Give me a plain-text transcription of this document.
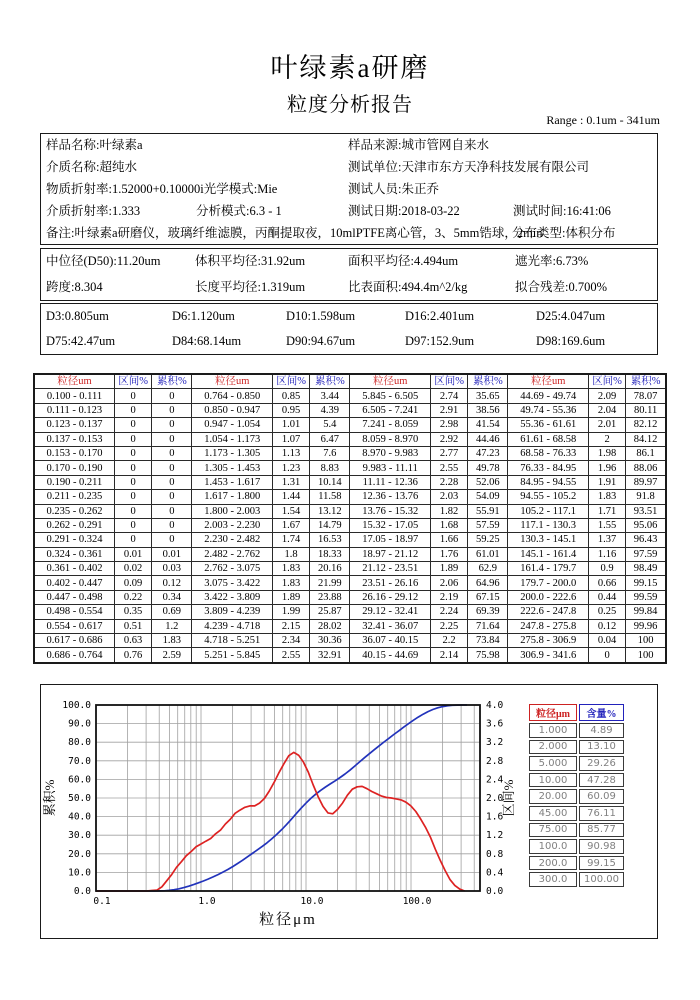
叶绿素a研磨
粒度分析报告
Range : 0.1um - 341um
样品名称:叶绿素a	样品来源:城市管网自来水
介质名称:超纯水	测试单位:天津市东方天净科技发展有限公司
物质折射率:1.52000+0.10000i光学模式:Mie	测试人员:朱正乔
介质折射率:1.333	分析模式:6.3 - 1	测试日期:2018-03-22	测试时间:16:41:06
备注:叶绿素a研磨仪，玻璃纤维滤膜，丙酮提取夜，10mlPTFE离心管，3、5mm锆球，2min
分布类型:体积分布
中位径(D50):11.20um	体积平均径:31.92um	面积平均径:4.494um	遮光率:6.73%
跨度:8.304	长度平均径:1.319um	比表面积:494.4m^2/kg	拟合残差:0.700%
D3:0.805um	D6:1.120um	D10:1.598um	D16:2.401um	D25:4.047um
D75:42.47um	D84:68.14um	D90:94.67um	D97:152.9um	D98:169.6um
粒径um	区间%	累积%	粒径um	区间%	累积%	粒径um	区间%	累积%	粒径um	区间%	累积%
0.100 - 0.111	0	0	0.764 - 0.850	0.85	3.44	5.845 - 6.505	2.74	35.65	44.69 - 49.74	2.09	78.07
0.111 - 0.123	0	0	0.850 - 0.947	0.95	4.39	6.505 - 7.241	2.91	38.56	49.74 - 55.36	2.04	80.11
0.123 - 0.137	0	0	0.947 - 1.054	1.01	5.4	7.241 - 8.059	2.98	41.54	55.36 - 61.61	2.01	82.12
0.137 - 0.153	0	0	1.054 - 1.173	1.07	6.47	8.059 - 8.970	2.92	44.46	61.61 - 68.58	2	84.12
0.153 - 0.170	0	0	1.173 - 1.305	1.13	7.6	8.970 - 9.983	2.77	47.23	68.58 - 76.33	1.98	86.1
0.170 - 0.190	0	0	1.305 - 1.453	1.23	8.83	9.983 - 11.11	2.55	49.78	76.33 - 84.95	1.96	88.06
0.190 - 0.211	0	0	1.453 - 1.617	1.31	10.14	11.11 - 12.36	2.28	52.06	84.95 - 94.55	1.91	89.97
0.211 - 0.235	0	0	1.617 - 1.800	1.44	11.58	12.36 - 13.76	2.03	54.09	94.55 - 105.2	1.83	91.8
0.235 - 0.262	0	0	1.800 - 2.003	1.54	13.12	13.76 - 15.32	1.82	55.91	105.2 - 117.1	1.71	93.51
0.262 - 0.291	0	0	2.003 - 2.230	1.67	14.79	15.32 - 17.05	1.68	57.59	117.1 - 130.3	1.55	95.06
0.291 - 0.324	0	0	2.230 - 2.482	1.74	16.53	17.05 - 18.97	1.66	59.25	130.3 - 145.1	1.37	96.43
0.324 - 0.361	0.01	0.01	2.482 - 2.762	1.8	18.33	18.97 - 21.12	1.76	61.01	145.1 - 161.4	1.16	97.59
0.361 - 0.402	0.02	0.03	2.762 - 3.075	1.83	20.16	21.12 - 23.51	1.89	62.9	161.4 - 179.7	0.9	98.49
0.402 - 0.447	0.09	0.12	3.075 - 3.422	1.83	21.99	23.51 - 26.16	2.06	64.96	179.7 - 200.0	0.66	99.15
0.447 - 0.498	0.22	0.34	3.422 - 3.809	1.89	23.88	26.16 - 29.12	2.19	67.15	200.0 - 222.6	0.44	99.59
0.498 - 0.554	0.35	0.69	3.809 - 4.239	1.99	25.87	29.12 - 32.41	2.24	69.39	222.6 - 247.8	0.25	99.84
0.554 - 0.617	0.51	1.2	4.239 - 4.718	2.15	28.02	32.41 - 36.07	2.25	71.64	247.8 - 275.8	0.12	99.96
0.617 - 0.686	0.63	1.83	4.718 - 5.251	2.34	30.36	36.07 - 40.15	2.2	73.84	275.8 - 306.9	0.04	100
0.686 - 0.764	0.76	2.59	5.251 - 5.845	2.55	32.91	40.15 - 44.69	2.14	75.98	306.9 - 341.6	0	100
0.0
10.0
20.0
30.0
40.0
50.0
60.0
70.0
80.0
90.0
100.0
0.0
0.4
0.8
1.2
1.6
2.0
2.4
2.8
3.2
3.6
4.0
0.1	1.0	10.0	100.0
粒径μm
累积%	区间%
粒径μm	含量%
1.000	4.89
2.000	13.10
5.000	29.26
10.00	47.28
20.00	60.09
45.00	76.11
75.00	85.77
100.0	90.98
200.0	99.15
300.0	100.00
